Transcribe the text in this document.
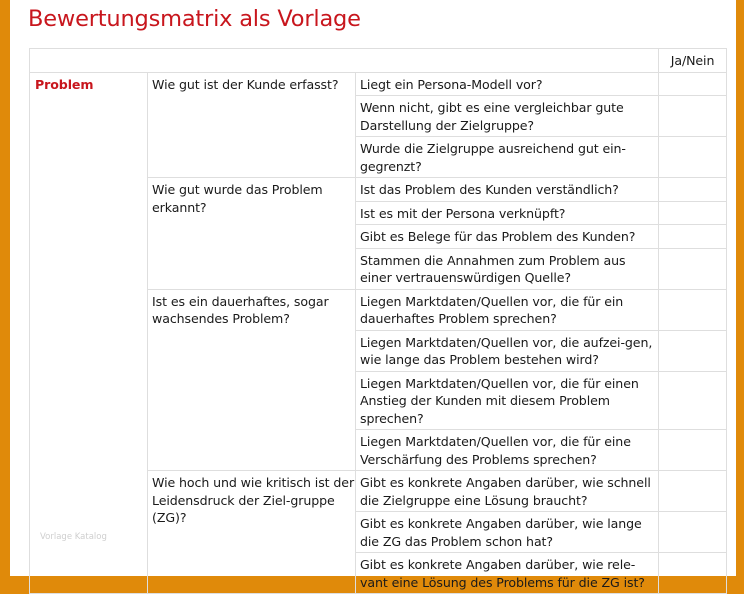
Bewertungsmatrix als Vorlage
			Ja/Nein
Problem	Wie gut ist der Kunde erfasst?	Liegt ein Persona-Modell vor?	
		Wenn nicht, gibt es eine vergleichbar gute Darstellung der Zielgruppe?	
		Wurde die Zielgruppe ausreichend gut ein-gegrenzt?	
	Wie gut wurde das Problem erkannt?	Ist das Problem des Kunden verständlich?	
		Ist es mit der Persona verknüpft?	
		Gibt es Belege für das Problem des Kunden?	
		Stammen die Annahmen zum Problem aus einer vertrauenswürdigen Quelle?	
	Ist es ein dauerhaftes, sogar wachsendes Problem?	Liegen Marktdaten/Quellen vor, die für ein dauerhaftes Problem sprechen?	
		Liegen Marktdaten/Quellen vor, die aufzei-gen, wie lange das Problem bestehen wird?	
		Liegen Marktdaten/Quellen vor, die für einen Anstieg der Kunden mit diesem Problem sprechen?	
		Liegen Marktdaten/Quellen vor, die für eine Verschärfung des Problems sprechen?	
	Wie hoch und wie kritisch ist der Leidensdruck der Ziel-gruppe (ZG)?	Gibt es konkrete Angaben darüber, wie schnell die Zielgruppe eine Lösung braucht?	
		Gibt es konkrete Angaben darüber, wie lange die ZG das Problem schon hat?	
		Gibt es konkrete Angaben darüber, wie rele-vant eine Lösung des Problems für die ZG ist?	
Vorlage Katalog
